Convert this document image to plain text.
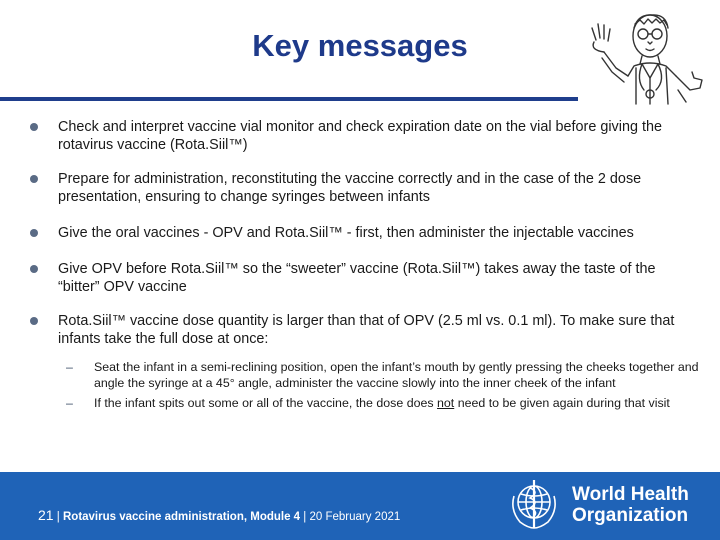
Key messages
Check and interpret vaccine vial monitor and check expiration date on the vial before giving the rotavirus vaccine (Rota.Siil™)
Prepare for administration, reconstituting the vaccine correctly and in the case of the 2 dose presentation, ensuring to change syringes between infants
Give the oral vaccines - OPV and Rota.Siil™ - first, then administer the injectable vaccines
Give OPV before Rota.Siil™ so the “sweeter” vaccine (Rota.Siil™) takes away the taste of the “bitter” OPV vaccine
Rota.Siil™ vaccine dose quantity is larger than that of OPV (2.5 ml vs. 0.1 ml). To make sure that infants take the full dose at once:
– Seat the infant in a semi-reclining position, open the infant’s mouth by gently pressing the cheeks together and angle the syringe at a 45° angle, administer the vaccine slowly into the inner cheek of the infant
– If the infant spits out some or all of the vaccine, the dose does not need to be given again during that visit
21 | Rotavirus vaccine administration, Module 4 | 20 February 2021
World Health
Organization
